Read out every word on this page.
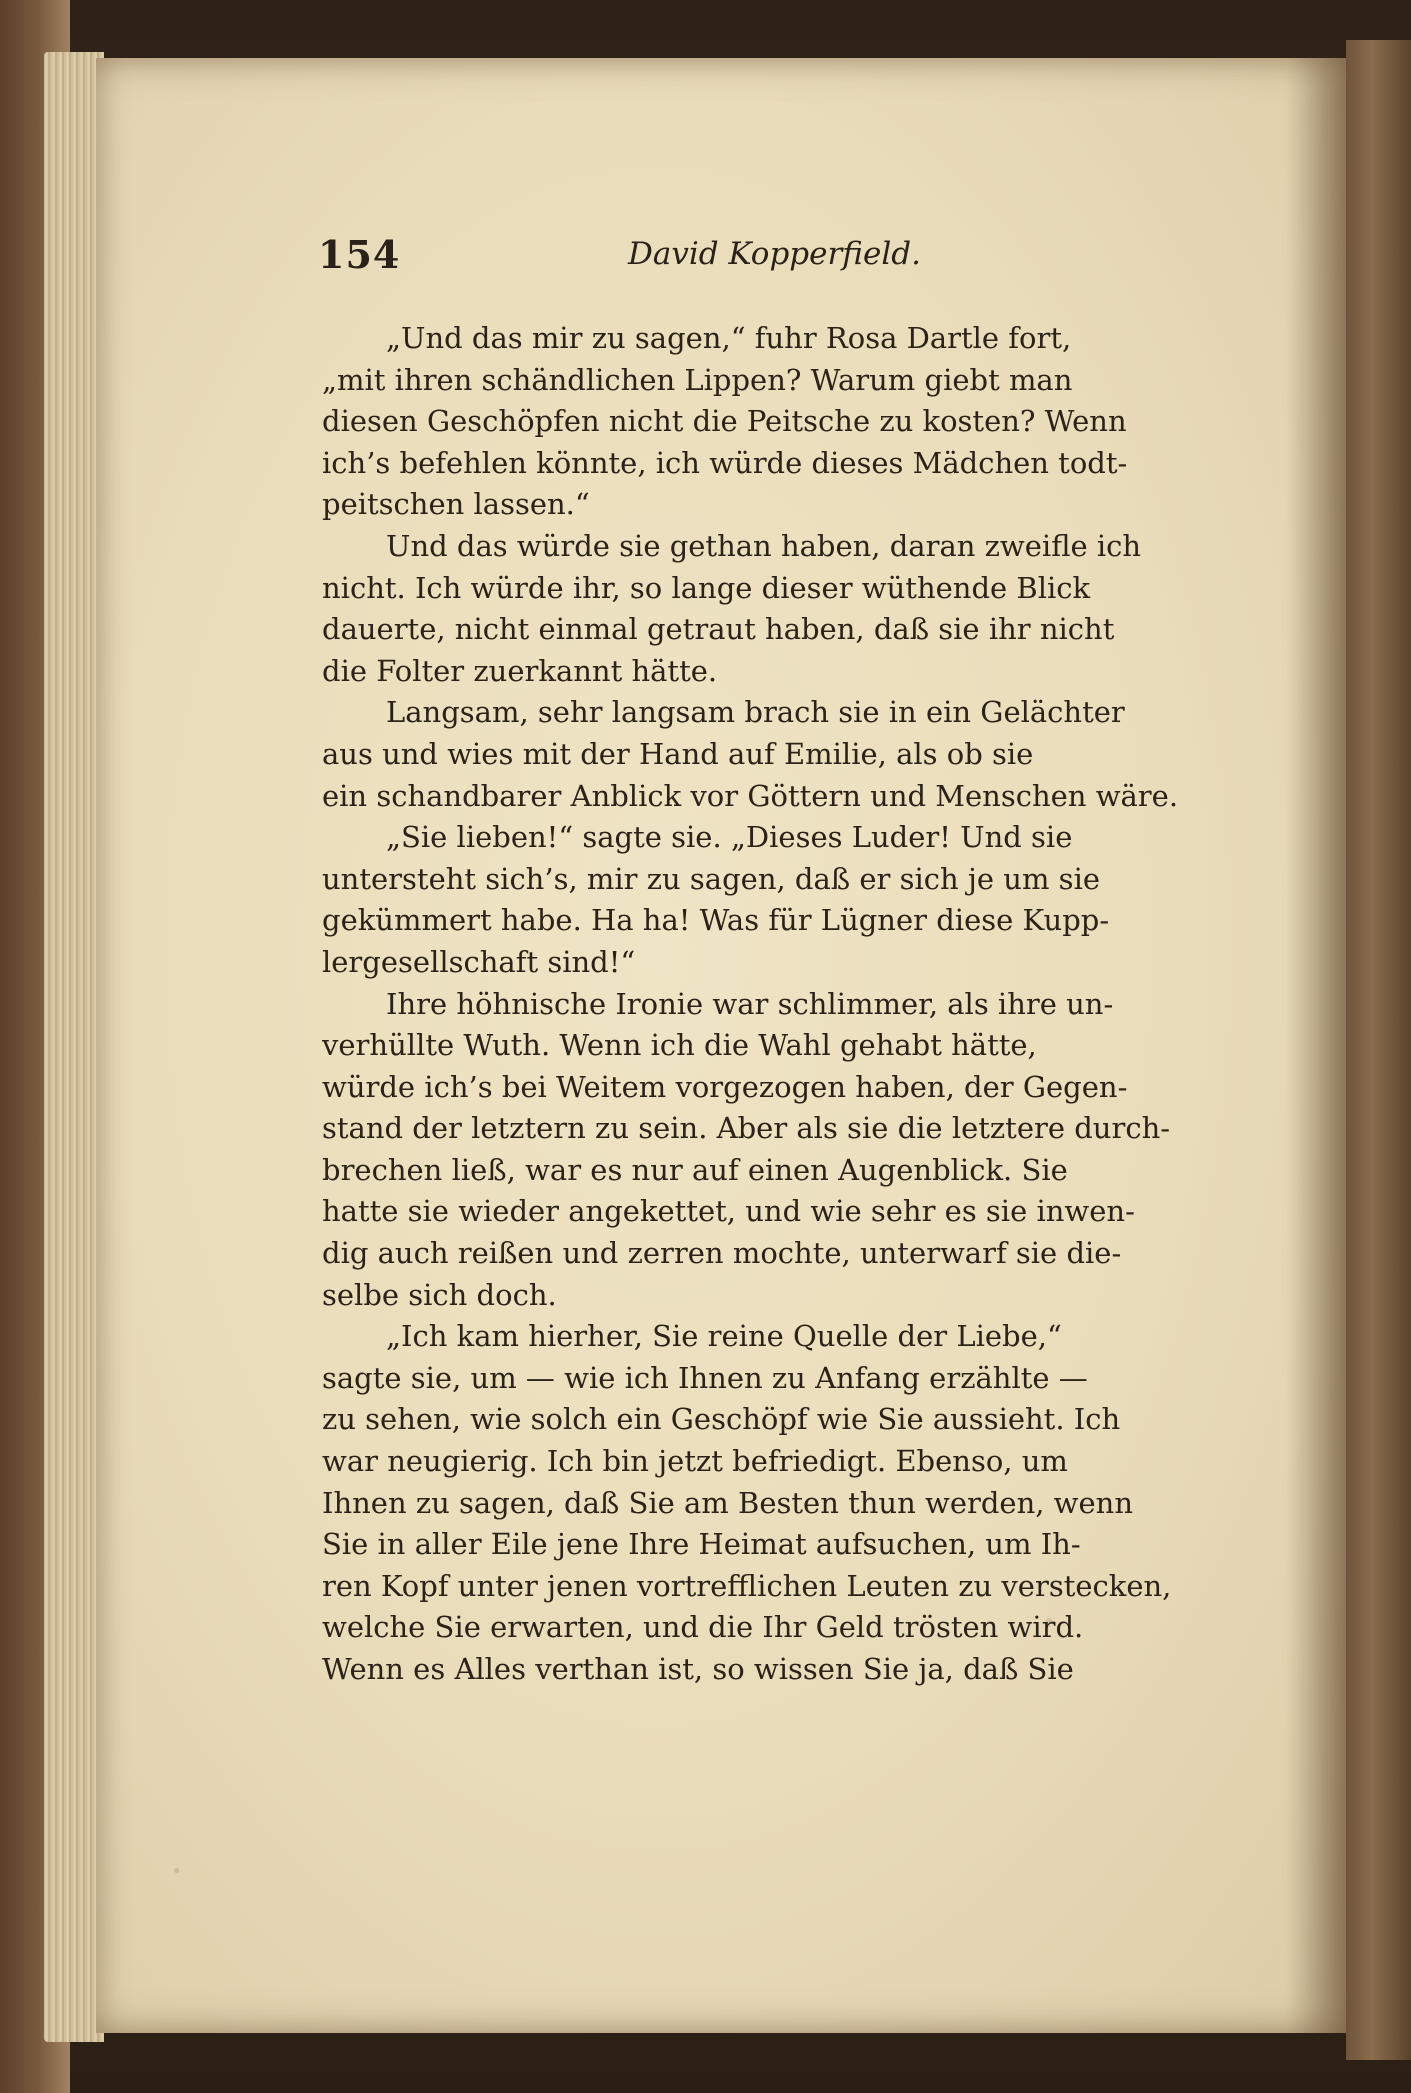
154	David Kopperfield.
„Und das mir zu sagen,“ fuhr Rosa Dartle fort,
„mit ihren schändlichen Lippen? Warum giebt man
diesen Geschöpfen nicht die Peitsche zu kosten? Wenn
ich’s befehlen könnte, ich würde dieses Mädchen todt-
peitschen lassen.“
Und das würde sie gethan haben, daran zweifle ich
nicht. Ich würde ihr, so lange dieser wüthende Blick
dauerte, nicht einmal getraut haben, daß sie ihr nicht
die Folter zuerkannt hätte.
Langsam, sehr langsam brach sie in ein Gelächter
aus und wies mit der Hand auf Emilie, als ob sie
ein schandbarer Anblick vor Göttern und Menschen wäre.
„Sie lieben!“ sagte sie. „Dieses Luder! Und sie
untersteht sich’s, mir zu sagen, daß er sich je um sie
gekümmert habe. Ha ha! Was für Lügner diese Kupp-
lergesellschaft sind!“
Ihre höhnische Ironie war schlimmer, als ihre un-
verhüllte Wuth. Wenn ich die Wahl gehabt hätte,
würde ich’s bei Weitem vorgezogen haben, der Gegen-
stand der letztern zu sein. Aber als sie die letztere durch-
brechen ließ, war es nur auf einen Augenblick. Sie
hatte sie wieder angekettet, und wie sehr es sie inwen-
dig auch reißen und zerren mochte, unterwarf sie die-
selbe sich doch.
„Ich kam hierher, Sie reine Quelle der Liebe,“
sagte sie, um — wie ich Ihnen zu Anfang erzählte —
zu sehen, wie solch ein Geschöpf wie Sie aussieht. Ich
war neugierig. Ich bin jetzt befriedigt. Ebenso, um
Ihnen zu sagen, daß Sie am Besten thun werden, wenn
Sie in aller Eile jene Ihre Heimat aufsuchen, um Ih-
ren Kopf unter jenen vortrefflichen Leuten zu verstecken,
welche Sie erwarten, und die Ihr Geld trösten wird.
Wenn es Alles verthan ist, so wissen Sie ja, daß Sie
